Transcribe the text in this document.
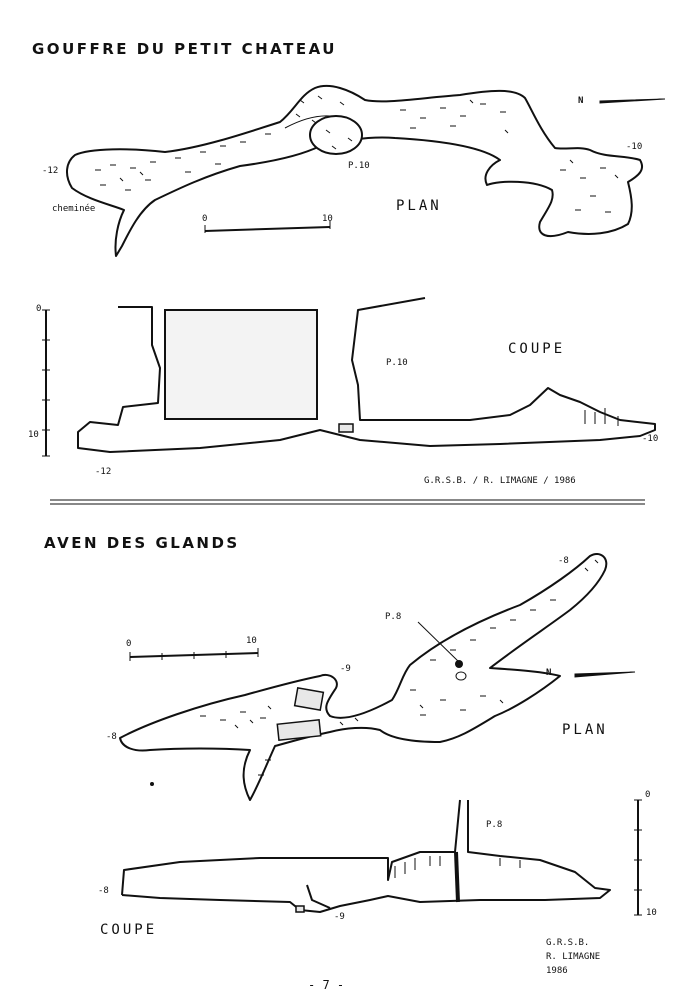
GOUFFRE DU PETIT CHATEAU
-12
-10
P.10
cheminée
0	10
PLAN
N
0
10
P.10
COUPE
-12
-10
G.R.S.B. / R. LIMAGNE / 1986
AVEN DES GLANDS
-8
P.8
0	10
-9
-8	PLAN
N
0
10
P.8
-8
-9
COUPE
G.R.S.B.
R. LIMAGNE
1986
- 7 -
